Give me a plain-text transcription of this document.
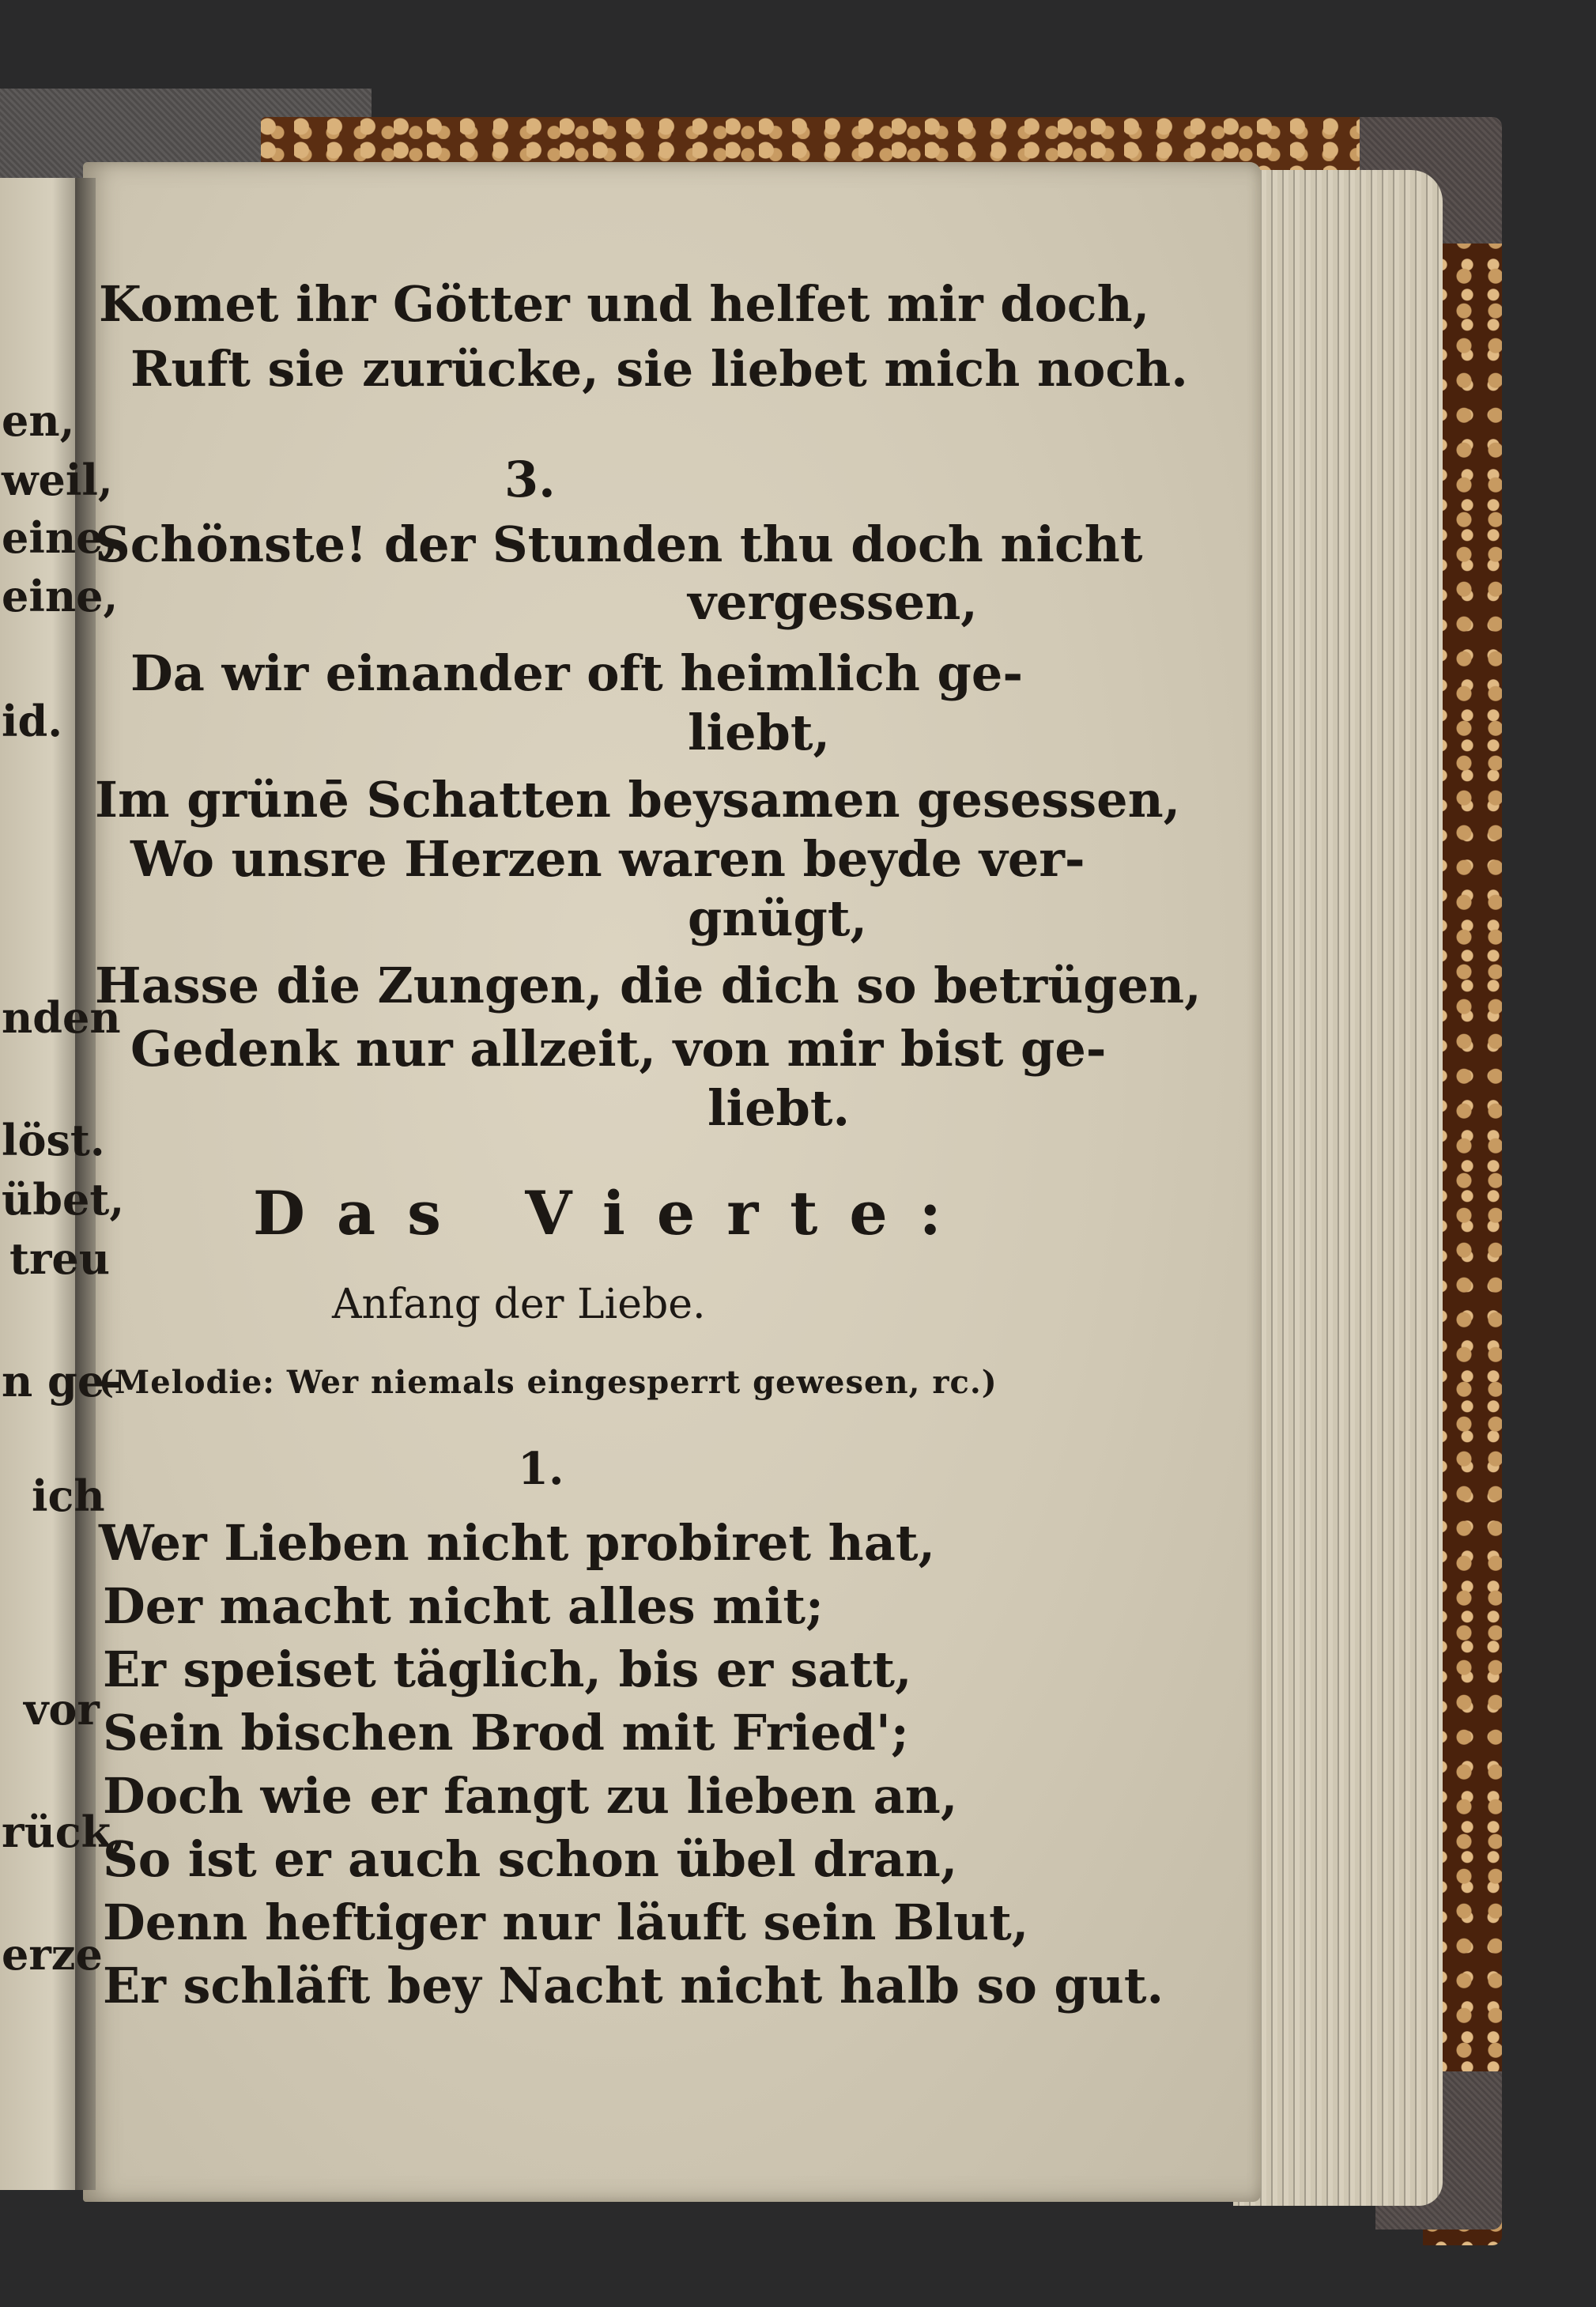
en,
weil,
eine,
eine,
id.
nden
löst.
übet,
treu
n ge-
ich
vor
rück,
erze
Komet ihr Götter und helfet mir doch,
Ruft sie zurücke, sie liebet mich noch.
3.
Schönste! der Stunden thu doch nicht
vergessen,
Da wir einander oft heimlich ge-
liebt,
Im grünē Schatten beysamen gesessen,
Wo unsre Herzen waren beyde ver-
gnügt,
Hasse die Zungen, die dich so betrügen,
Gedenk nur allzeit, von mir bist ge-
liebt.
Das Vierte:
Anfang der Liebe.
(Melodie: Wer niemals eingesperrt gewesen, rc.)
1.
Wer Lieben nicht probiret hat,
Der macht nicht alles mit;
Er speiset täglich, bis er satt,
Sein bischen Brod mit Fried';
Doch wie er fangt zu lieben an,
So ist er auch schon übel dran,
Denn heftiger nur läuft sein Blut,
Er schläft bey Nacht nicht halb so gut.
